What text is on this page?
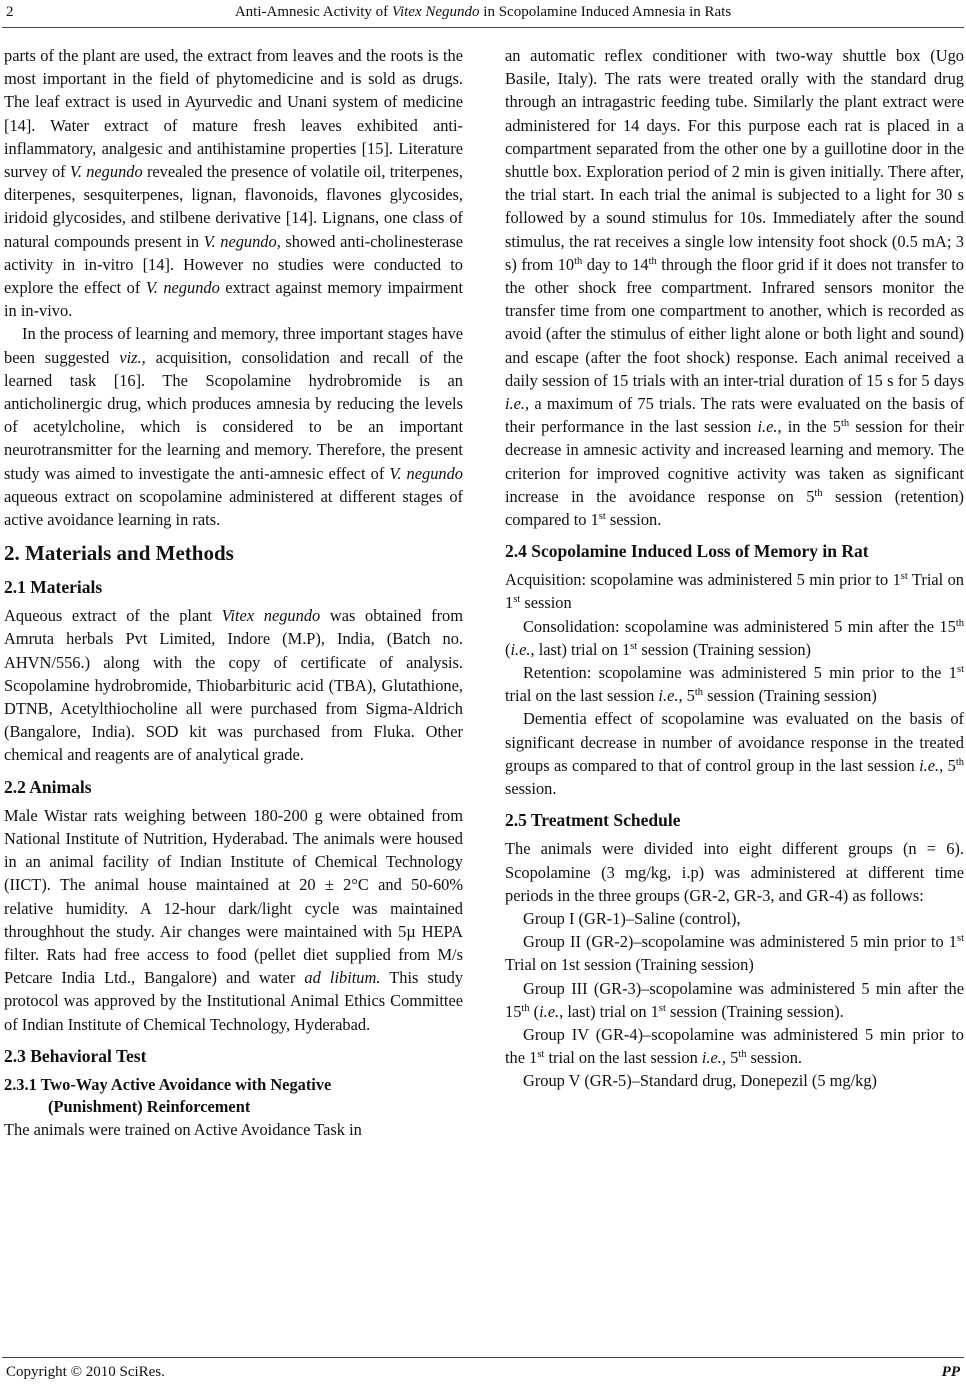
2	Anti-Amnesic Activity of Vitex Negundo in Scopolamine Induced Amnesia in Rats

parts of the plant are used, the extract from leaves and the roots is the most important in the field of phytomedicine and is sold as drugs. The leaf extract is used in Ayurvedic and Unani system of medicine [14]. Water extract of mature fresh leaves exhibited anti-inflammatory, analgesic and antihistamine properties [15]. Literature survey of V. negundo revealed the presence of volatile oil, triterpenes, diterpenes, sesquiterpenes, lignan, flavonoids, flavones glycosides, iridoid glycosides, and stilbene derivative [14]. Lignans, one class of natural compounds present in V. negundo, showed anti-cholinesterase activity in in-vitro [14]. However no studies were conducted to explore the effect of V. negundo extract against memory impairment in in-vivo.

In the process of learning and memory, three important stages have been suggested viz., acquisition, consolidation and recall of the learned task [16]. The Scopolamine hydrobromide is an anticholinergic drug, which produces amnesia by reducing the levels of acetylcholine, which is considered to be an important neurotransmitter for the learning and memory. Therefore, the present study was aimed to investigate the anti-amnesic effect of V. negundo aqueous extract on scopolamine administered at different stages of active avoidance learning in rats.

2. Materials and Methods
2.1 Materials

Aqueous extract of the plant Vitex negundo was obtained from Amruta herbals Pvt Limited, Indore (M.P), India, (Batch no. AHVN/556.) along with the copy of certificate of analysis. Scopolamine hydrobromide, Thiobarbituric acid (TBA), Glutathione, DTNB, Acetylthiocholine all were purchased from Sigma-Aldrich (Bangalore, India). SOD kit was purchased from Fluka. Other chemical and reagents are of analytical grade.

2.2 Animals

Male Wistar rats weighing between 180-200 g were obtained from National Institute of Nutrition, Hyderabad. The animals were housed in an animal facility of Indian Institute of Chemical Technology (IICT). The animal house maintained at 20 ± 2°C and 50-60% relative humidity. A 12-hour dark/light cycle was maintained throughhout the study. Air changes were maintained with 5µ HEPA filter. Rats had free access to food (pellet diet supplied from M/s Petcare India Ltd., Bangalore) and water ad libitum. This study protocol was approved by the Institutional Animal Ethics Committee of Indian Institute of Chemical Technology, Hyderabad.

2.3 Behavioral Test
2.3.1 Two-Way Active Avoidance with Negative
(Punishment) Reinforcement

The animals were trained on Active Avoidance Task in

an automatic reflex conditioner with two-way shuttle box (Ugo Basile, Italy). The rats were treated orally with the standard drug through an intragastric feeding tube. Similarly the plant extract were administered for 14 days. For this purpose each rat is placed in a compartment separated from the other one by a guillotine door in the shuttle box. Exploration period of 2 min is given initially. There after, the trial start. In each trial the animal is subjected to a light for 30 s followed by a sound stimulus for 10s. Immediately after the sound stimulus, the rat receives a single low intensity foot shock (0.5 mA; 3 s) from 10th day to 14th through the floor grid if it does not transfer to the other shock free compartment. Infrared sensors monitor the transfer time from one compartment to another, which is recorded as avoid (after the stimulus of either light alone or both light and sound) and escape (after the foot shock) response. Each animal received a daily session of 15 trials with an inter-trial duration of 15 s for 5 days i.e., a maximum of 75 trials. The rats were evaluated on the basis of their performance in the last session i.e., in the 5th session for their decrease in amnesic activity and increased learning and memory. The criterion for improved cognitive activity was taken as significant increase in the avoidance response on 5th session (retention) compared to 1st session.

2.4 Scopolamine Induced Loss of Memory in Rat

Acquisition: scopolamine was administered 5 min prior to 1st Trial on 1st session

Consolidation: scopolamine was administered 5 min after the 15th (i.e., last) trial on 1st session (Training session)

Retention: scopolamine was administered 5 min prior to the 1st trial on the last session i.e., 5th session (Training session)

Dementia effect of scopolamine was evaluated on the basis of significant decrease in number of avoidance response in the treated groups as compared to that of control group in the last session i.e., 5th session.

2.5 Treatment Schedule

The animals were divided into eight different groups (n = 6). Scopolamine (3 mg/kg, i.p) was administered at different time periods in the three groups (GR-2, GR-3, and GR-4) as follows:

Group I (GR-1)–Saline (control),

Group II (GR-2)–scopolamine was administered 5 min prior to 1st Trial on 1st session (Training session)

Group III (GR-3)–scopolamine was administered 5 min after the 15th (i.e., last) trial on 1st session (Training session).

Group IV (GR-4)–scopolamine was administered 5 min prior to the 1st trial on the last session i.e., 5th session.

Group V (GR-5)–Standard drug, Donepezil (5 mg/kg)

Copyright © 2010 SciRes.	PP
